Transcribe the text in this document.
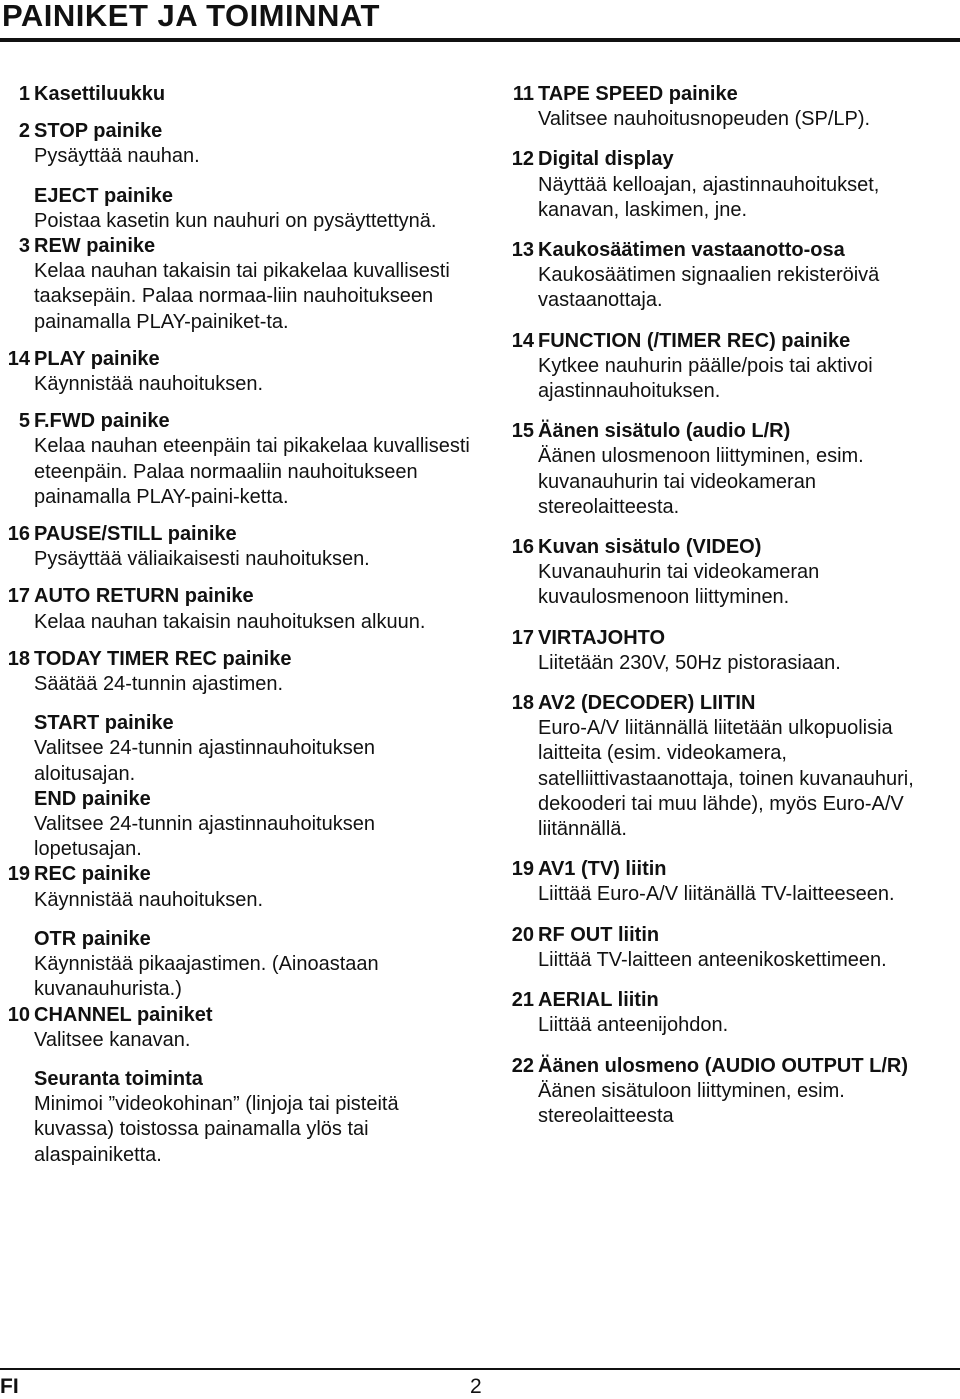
PAINIKET JA TOIMINNAT
1 Kasettiluukku
2 STOP painike
Pysäyttää nauhan.
EJECT painike
Poistaa kasetin kun nauhuri on pysäyttettynä.
3 REW painike
Kelaa nauhan takaisin tai pikakelaa kuvallisesti taaksepäin. Palaa normaa-liin nauhoitukseen painamalla PLAY-painiket-ta.
14 PLAY painike
Käynnistää nauhoituksen.
5 F.FWD painike
Kelaa nauhan eteenpäin tai pikakelaa kuvallisesti eteenpäin. Palaa normaaliin nauhoitukseen painamalla PLAY-paini-ketta.
16 PAUSE/STILL painike
Pysäyttää väliaikaisesti nauhoituksen.
17 AUTO RETURN painike
Kelaa nauhan takaisin nauhoituksen alkuun.
18 TODAY TIMER REC painike
Säätää 24-tunnin ajastimen.
START painike
Valitsee 24-tunnin ajastinnauhoituksen aloitusajan.
END painike
Valitsee 24-tunnin ajastinnauhoituksen lopetusajan.
19 REC painike
Käynnistää nauhoituksen.
OTR painike
Käynnistää pikaajastimen. (Ainoastaan kuvanauhurista.)
10 CHANNEL painiket
Valitsee kanavan.
Seuranta toiminta
Minimoi ”videokohinan” (linjoja tai pisteitä kuvassa) toistossa painamalla ylös tai alaspainiketta.
11 TAPE SPEED painike
Valitsee nauhoitusnopeuden (SP/LP).
12 Digital display
Näyttää kelloajan, ajastinnauhoitukset, kanavan, laskimen, jne.
13 Kaukosäätimen vastaanotto-osa
Kaukosäätimen signaalien rekisteröivä vastaanottaja.
14 FUNCTION (/TIMER REC) painike
Kytkee nauhurin päälle/pois tai aktivoi ajastinnauhoituksen.
15 Äänen sisätulo (audio L/R)
Äänen ulosmenoon liittyminen, esim. kuvanauhurin tai videokameran stereolaitteesta.
16 Kuvan sisätulo (VIDEO)
Kuvanauhurin tai videokameran kuvaulosmenoon liittyminen.
17 VIRTAJOHTO
Liitetään 230V, 50Hz pistorasiaan.
18 AV2 (DECODER) LIITIN
Euro-A/V liitännällä liitetään ulkopuolisia laitteita (esim. videokamera, satelliittivastaanottaja, toinen kuvanauhuri, dekooderi tai muu lähde), myös Euro-A/V liitännällä.
19 AV1 (TV) liitin
Liittää Euro-A/V liitänällä TV-laitteeseen.
20 RF OUT liitin
Liittää TV-laitteen anteenikoskettimeen.
21 AERIAL liitin
Liittää anteenijohdon.
22 Äänen ulosmeno (AUDIO OUTPUT L/R)
Äänen sisätuloon liittyminen, esim. stereolaitteesta
FI	2
